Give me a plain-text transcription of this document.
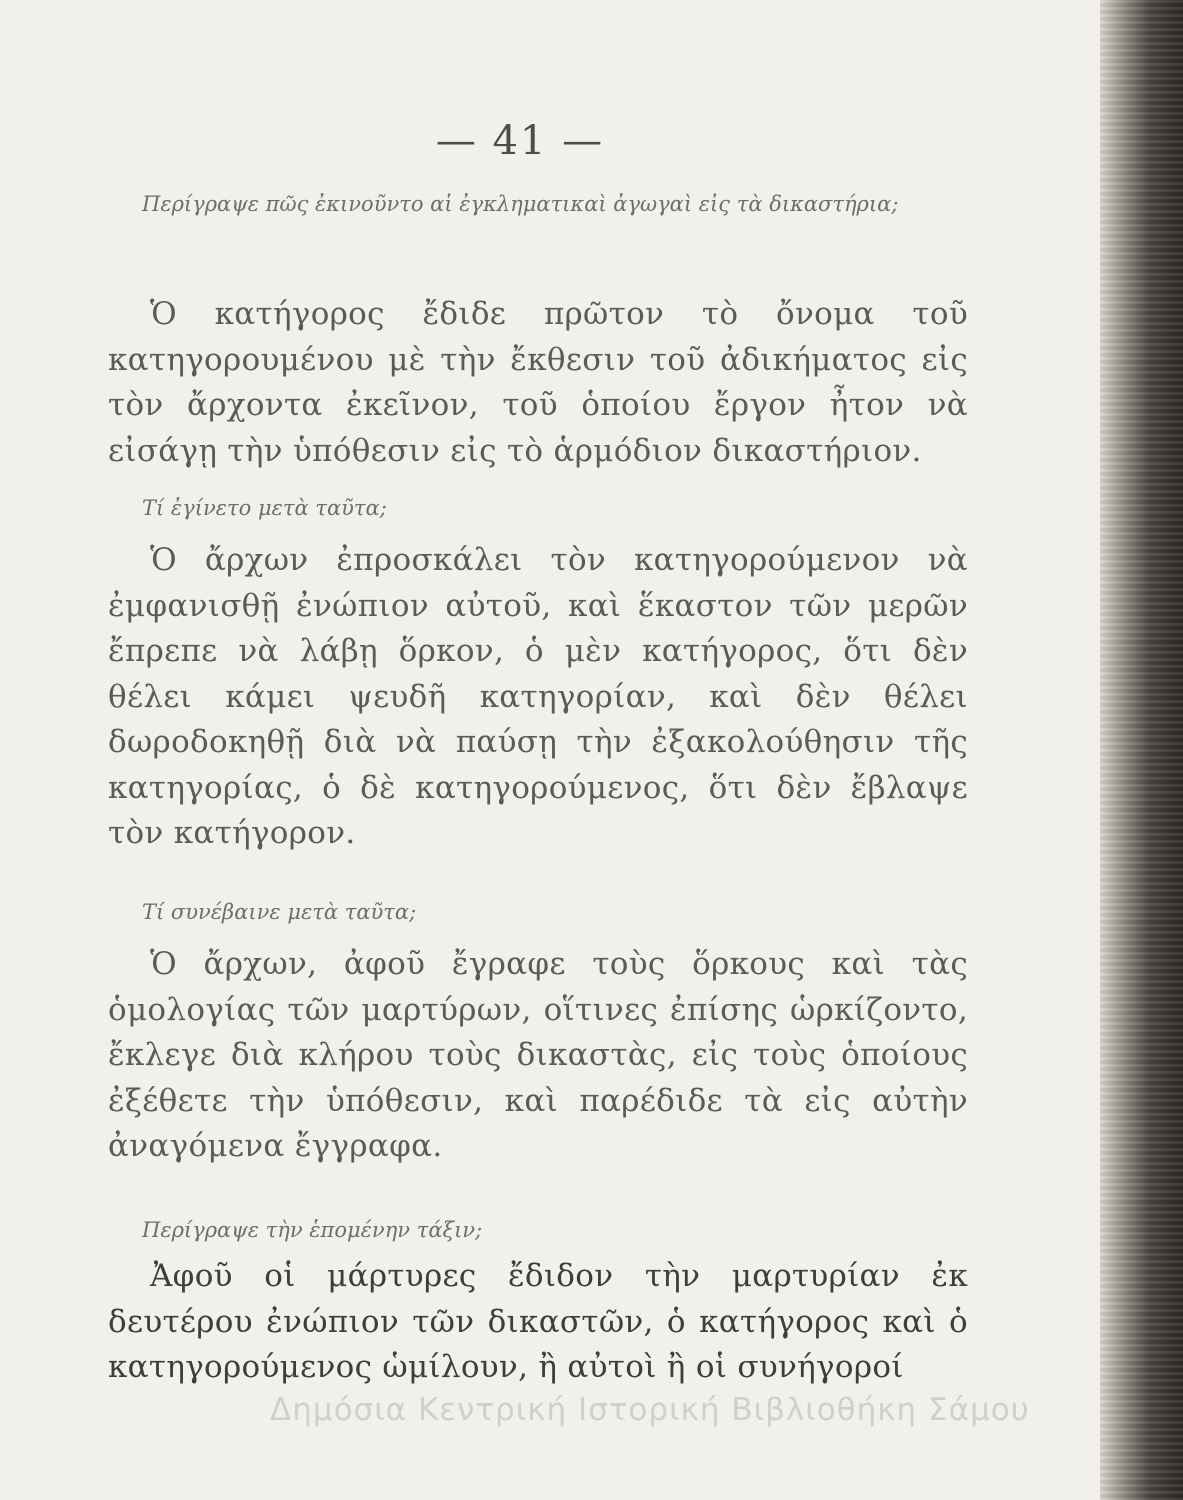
— 41 —
Περίγραψε πῶς ἐκινοῦντο αἱ ἐγκληματικαὶ ἀγωγαὶ εἰς τὰ δικαστήρια;
Ὁ κατήγορος ἔδιδε πρῶτον τὸ ὄνομα τοῦ κατηγορουμένου μὲ τὴν ἔκθεσιν τοῦ ἀδικήματος εἰς τὸν ἄρχοντα ἐκεῖνον, τοῦ ὁποίου ἔργον ἦτον νὰ εἰσάγῃ τὴν ὑπόθεσιν εἰς τὸ ἁρμόδιον δικαστήριον.
Τί ἐγίνετο μετὰ ταῦτα;
Ὁ ἄρχων ἐπροσκάλει τὸν κατηγορούμενον νὰ ἐμφανισθῇ ἐνώπιον αὐτοῦ, καὶ ἕκαστον τῶν μερῶν ἔπρεπε νὰ λάβῃ ὅρκον, ὁ μὲν κατήγορος, ὅτι δὲν θέλει κάμει ψευδῆ κατηγορίαν, καὶ δὲν θέλει δωροδοκηθῇ διὰ νὰ παύσῃ τὴν ἐξακολούθησιν τῆς κατηγορίας, ὁ δὲ κατηγορούμενος, ὅτι δὲν ἔβλαψε τὸν κατήγορον.
Τί συνέβαινε μετὰ ταῦτα;
Ὁ ἄρχων, ἀφοῦ ἔγραφε τοὺς ὅρκους καὶ τὰς ὁμολογίας τῶν μαρτύρων, οἵτινες ἐπίσης ὡρκίζοντο, ἔκλεγε διὰ κλήρου τοὺς δικαστὰς, εἰς τοὺς ὁποίους ἐξέθετε τὴν ὑπόθεσιν, καὶ παρέδιδε τὰ εἰς αὐτὴν ἀναγόμενα ἔγγραφα.
Περίγραψε τὴν ἑπομένην τάξιν;
Ἀφοῦ οἱ μάρτυρες ἔδιδον τὴν μαρτυρίαν ἐκ δευτέρου ἐνώπιον τῶν δικαστῶν, ὁ κατήγορος καὶ ὁ κατηγορούμενος ὡμίλουν, ἢ αὐτοὶ ἢ οἱ συνήγοροί
Δημόσια Κεντρική Ιστορική Βιβλιοθήκη Σάμου
